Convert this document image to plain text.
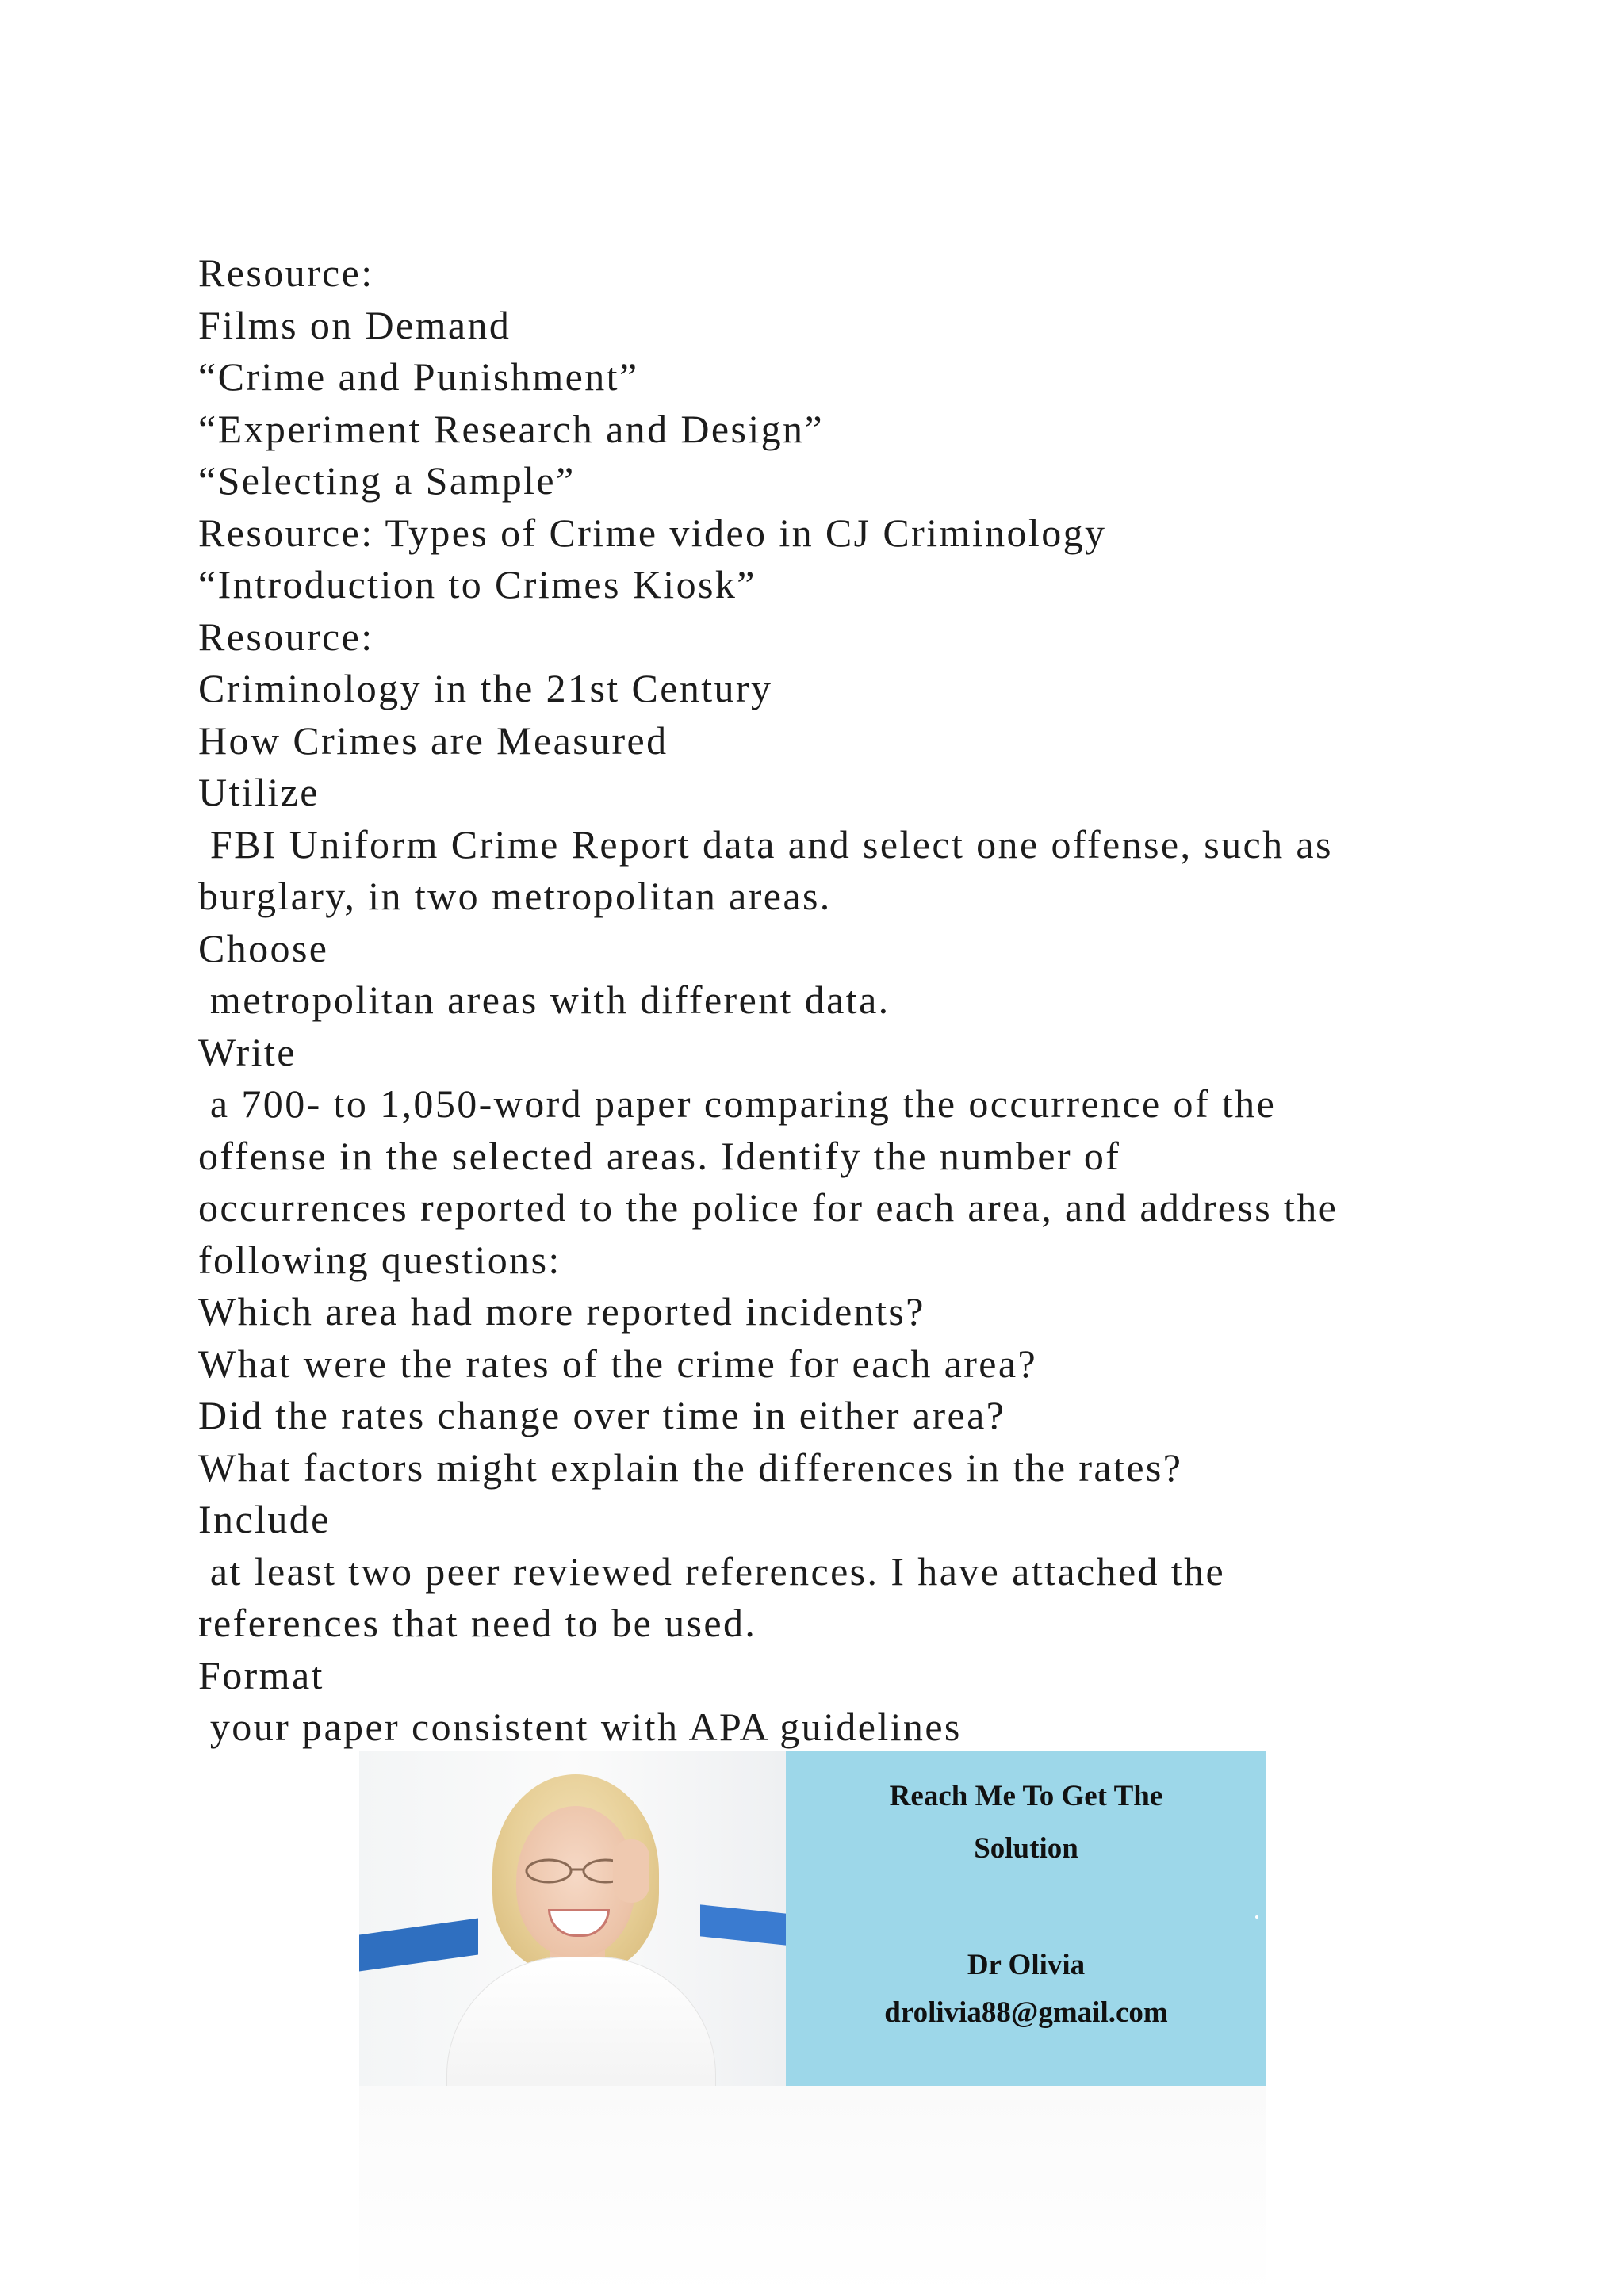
Resource:

Films on Demand

“Crime and Punishment”

“Experiment Research and Design”

“Selecting a Sample”

Resource: Types of Crime video in CJ Criminology

“Introduction to Crimes Kiosk”

Resource:

Criminology in the 21st Century

How Crimes are Measured

Utilize

FBI Uniform Crime Report data and select one offense, such as

burglary, in two metropolitan areas.

Choose

metropolitan areas with different data.

Write

a 700- to 1,050-word paper comparing the occurrence of the

offense in the selected areas. Identify the number of

occurrences reported to the police for each area, and address the

following questions:

Which area had more reported incidents?

What were the rates of the crime for each area?

Did the rates change over time in either area?

What factors might explain the differences in the rates?

Include

at least two peer reviewed references. I have attached the

references that need to be used.

Format

your paper consistent with APA guidelines

Reach Me To Get The
Solution
Dr Olivia
drolivia88@gmail.com
